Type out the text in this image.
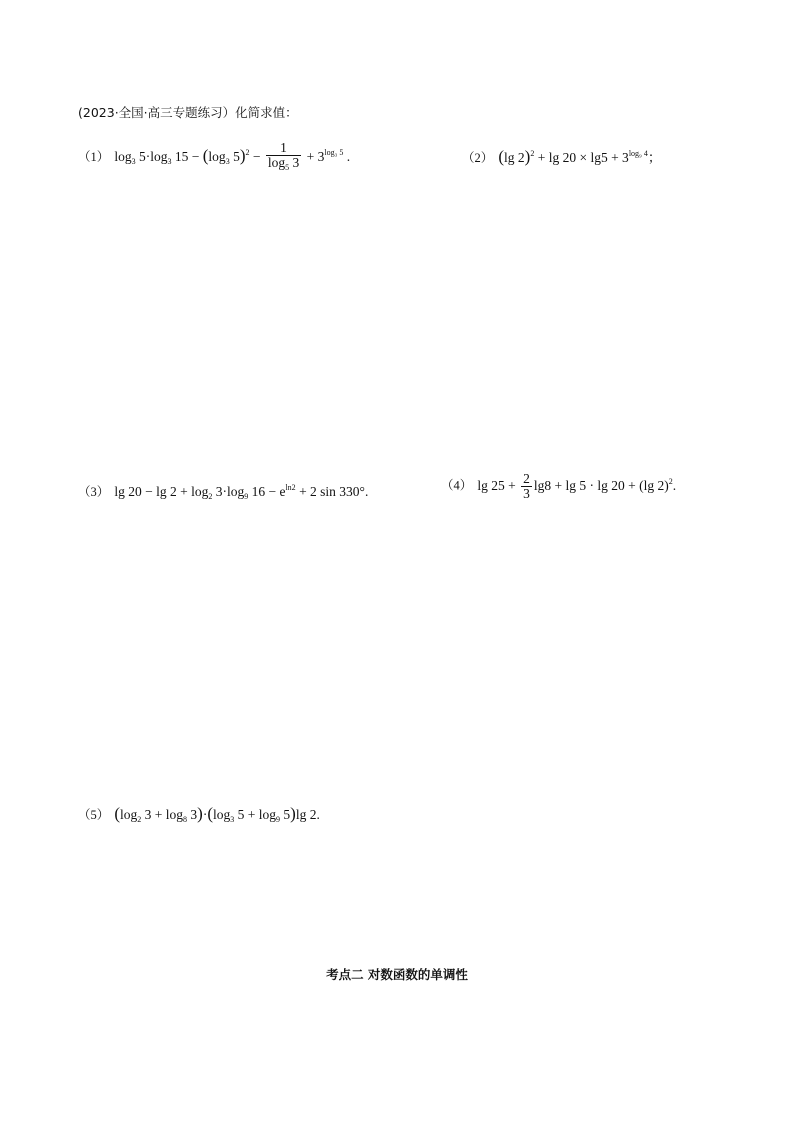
(2023·全国·高三专题练习）化简求值：
（1） $\log_3 5\cdot\log_3$ $15 - (\log_3$ $5)^2 - \frac{1}{\log_5 3} + 3^{log_3 5}$ .	（2） (lg $2)^2 + \lg 20 \times \lg 5 + 3^{log_9 4}$；
（3） $\lg 20 - \lg 2 + \log_2 3\cdot\log_9$ $16 - e^{ln2} + 2$ sin 330°.	（4） $\lg 25 + \frac{2}{3} \lg 8 + \lg 5 \cdot \lg 20 + (\lg$ 2)$^2$.
（5） ($\log_2$ $3 + \log_8 3)\cdot(\log_3$ $5 + \log_9 5)\lg$ 2.
考点二 对数函数的单调性
